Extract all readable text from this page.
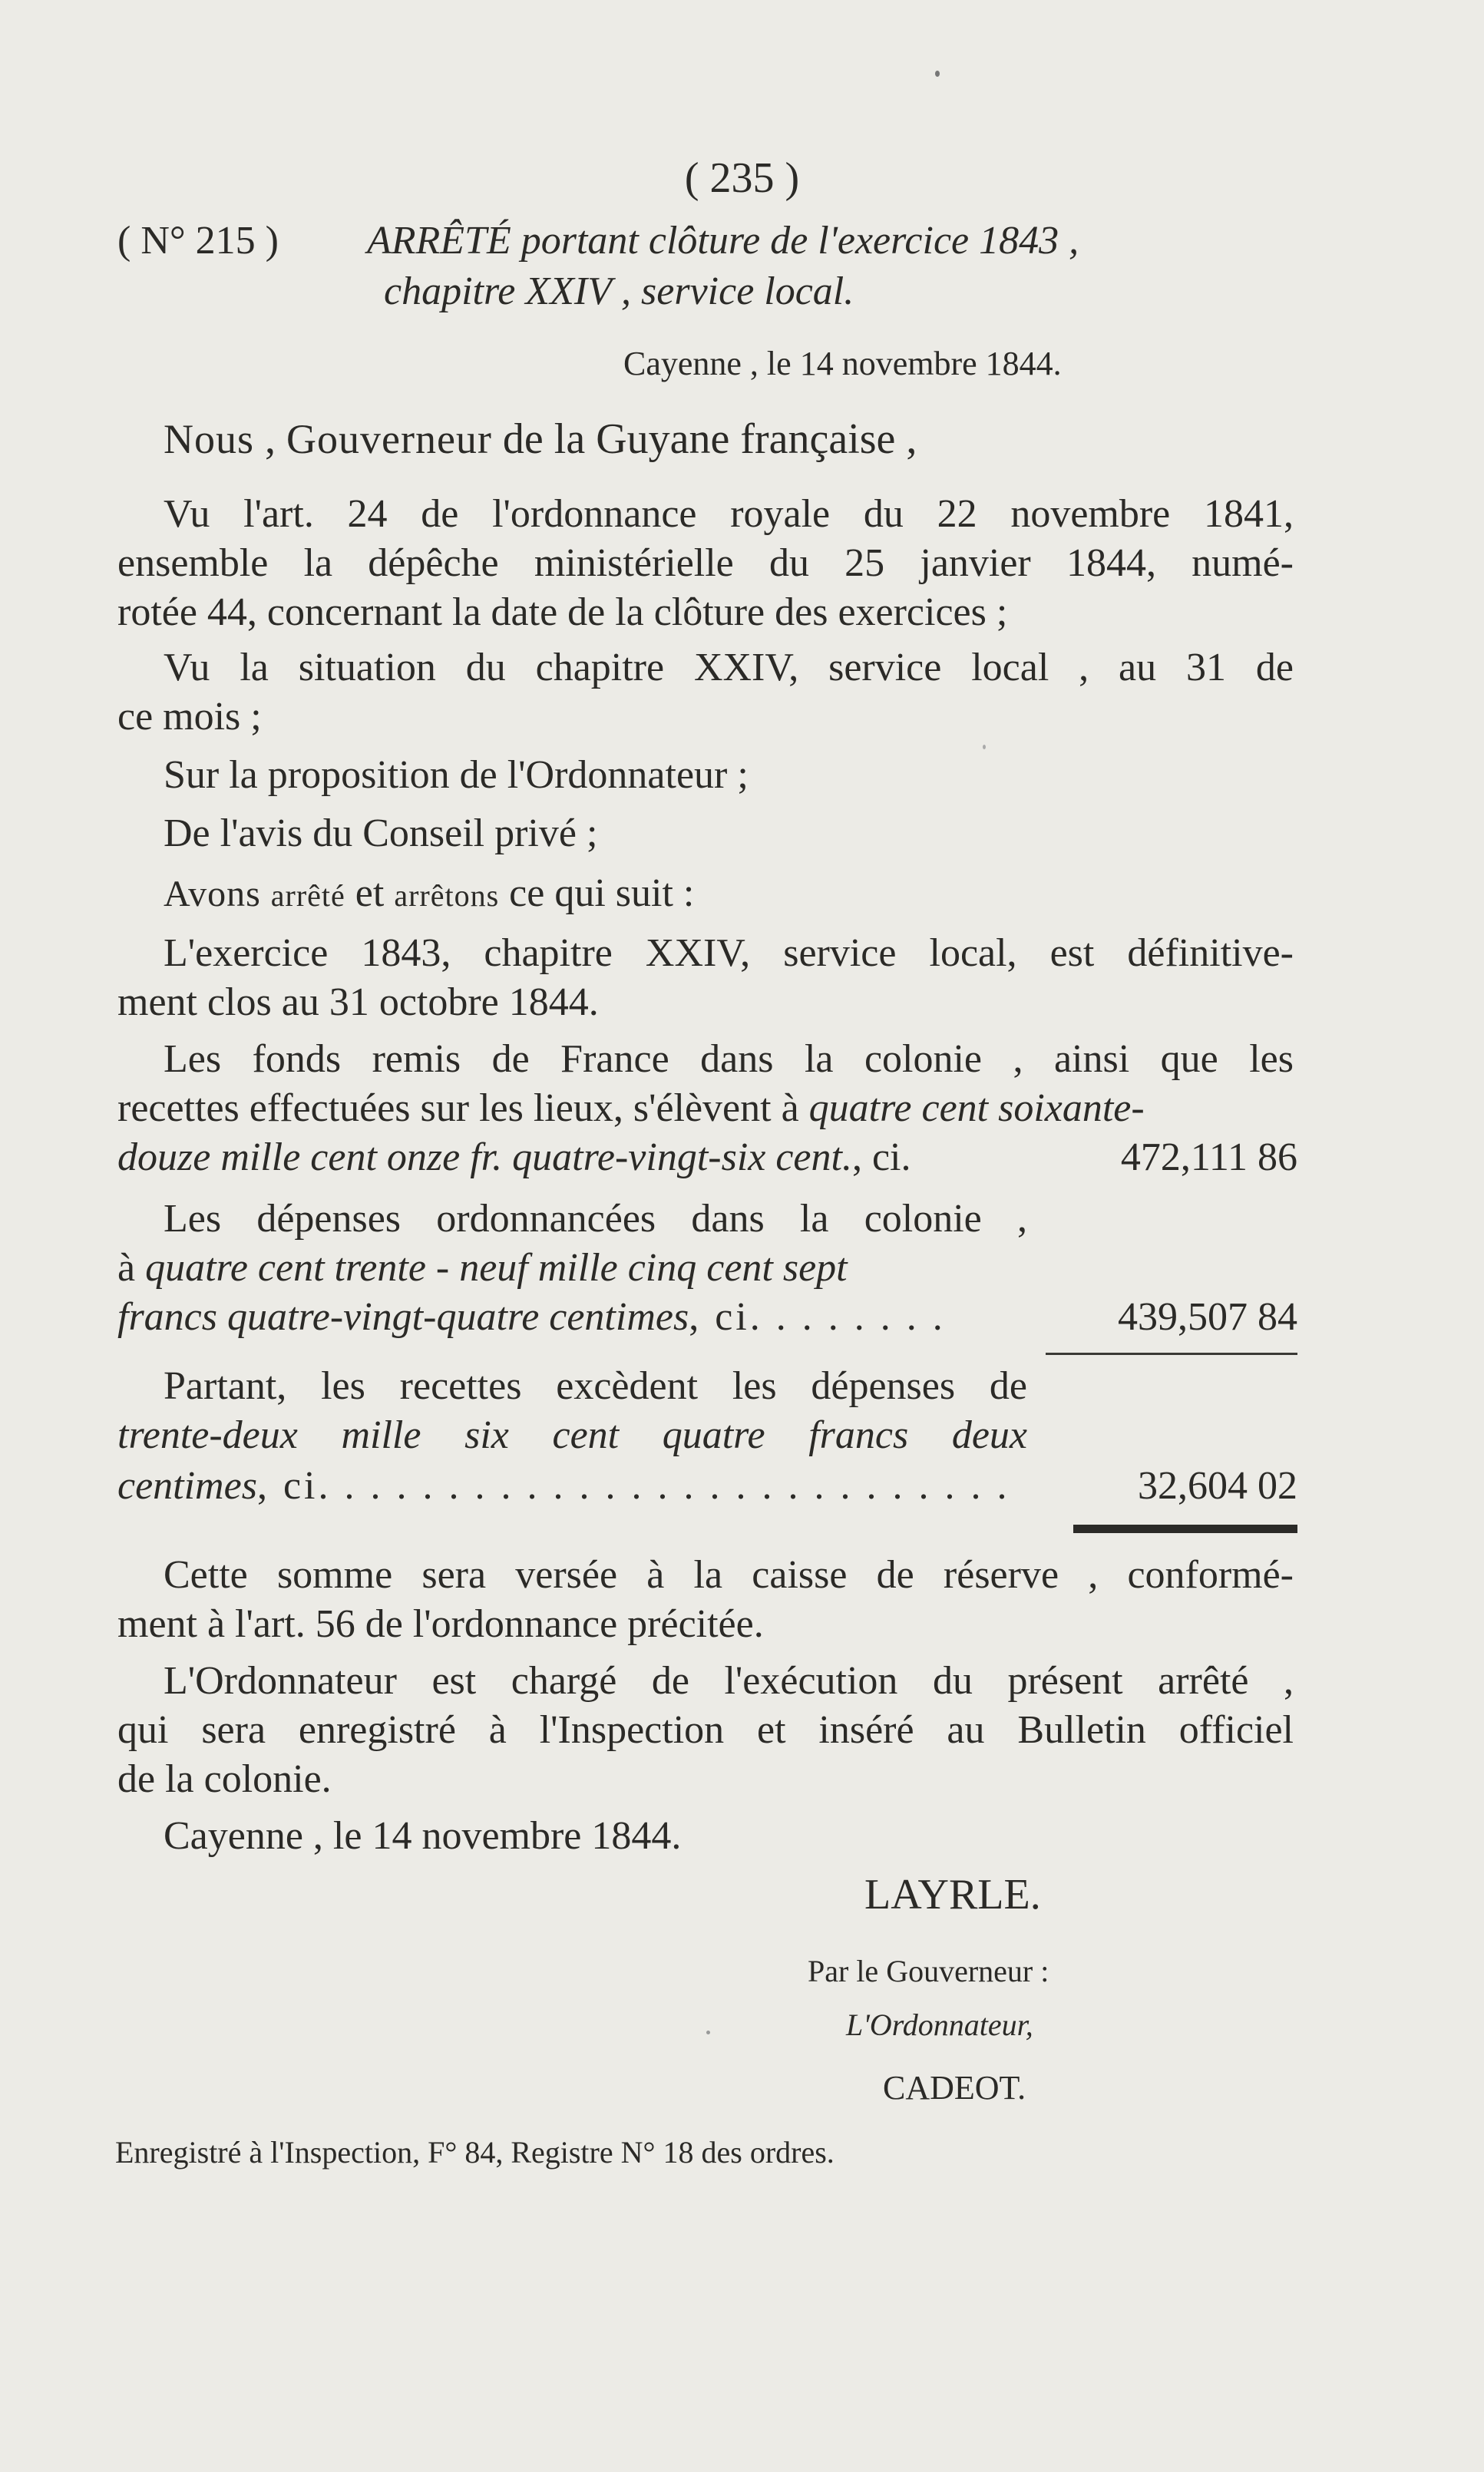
( 235 )
( N° 215 ) ARRÊTÉ portant clôture de l'exercice 1843 ,
chapitre XXIV , service local.
Cayenne , le 14 novembre 1844.
Nous , Gouverneur de la Guyane française ,
Vu l'art. 24 de l'ordonnance royale du 22 novembre 1841,
ensemble la dépêche ministérielle du 25 janvier 1844, numé-
rotée 44, concernant la date de la clôture des exercices ;
Vu la situation du chapitre XXIV, service local , au 31 de
ce mois ;
Sur la proposition de l'Ordonnateur ;
De l'avis du Conseil privé ;
Avons arrêté et arrêtons ce qui suit :
L'exercice 1843, chapitre XXIV, service local, est définitive-
ment clos au 31 octobre 1844.
Les fonds remis de France dans la colonie , ainsi que les
recettes effectuées sur les lieux, s'élèvent à quatre cent soixante-
douze mille cent onze fr. quatre-vingt-six cent., ci.	472,111 86
Les dépenses ordonnancées dans la colonie ,
à quatre cent trente - neuf mille cinq cent sept
francs quatre-vingt-quatre centimes, ci. . . . . . . .	439,507 84
Partant, les recettes excèdent les dépenses de
trente-deux mille six cent quatre francs deux
centimes, ci. . . . . . . . . . . . . . . . . . . . . . . . . . .	32,604 02
Cette somme sera versée à la caisse de réserve , conformé-
ment à l'art. 56 de l'ordonnance précitée.
L'Ordonnateur est chargé de l'exécution du présent arrêté ,
qui sera enregistré à l'Inspection et inséré au Bulletin officiel
de la colonie.
Cayenne , le 14 novembre 1844.
LAYRLE.
Par le Gouverneur :
L'Ordonnateur,
CADEOT.
Enregistré à l'Inspection, F° 84, Registre N° 18 des ordres.
